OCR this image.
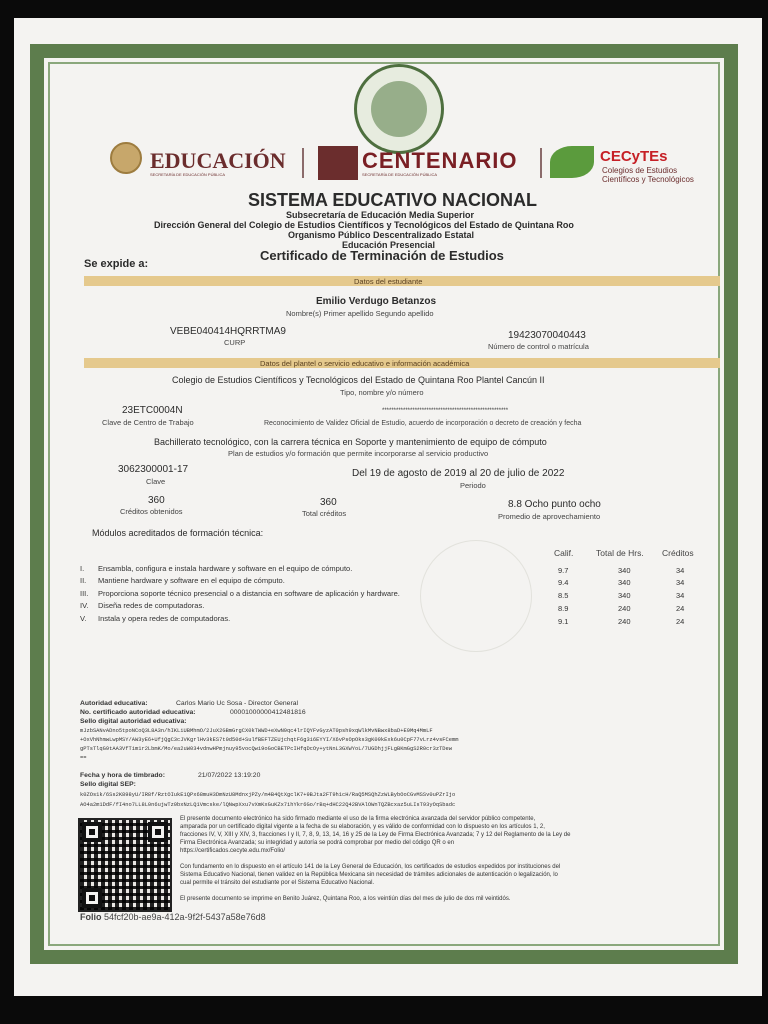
EDUCACIÓN
SECRETARÍA DE EDUCACIÓN PÚBLICA
CENTENARIO
SECRETARÍA DE EDUCACIÓN PÚBLICA
CECyTEs
Colegios de Estudios
Científicos y Tecnológicos
SISTEMA EDUCATIVO NACIONAL
Subsecretaría de Educación Media Superior
Dirección General del Colegio de Estudios Científicos y Tecnológicos del Estado de Quintana Roo
Organismo Público Descentralizado Estatal
Educación Presencial
Certificado de Terminación de Estudios
Se expide a:
Datos del estudiante
Emilio Verdugo Betanzos
Nombre(s) Primer apellido Segundo apellido
VEBE040414HQRRTMA9
CURP
19423070040443
Número de control o matrícula
Datos del plantel o servicio educativo e información académica
Colegio de Estudios Científicos y Tecnológicos del Estado de Quintana Roo Plantel Cancún II
Tipo, nombre y/o número
23ETC0004N
Clave de Centro de Trabajo
******************************************************
Reconocimiento de Validez Oficial de Estudio, acuerdo de incorporación o decreto de creación y fecha
Bachillerato tecnológico, con la carrera técnica en Soporte y mantenimiento de equipo de cómputo
Plan de estudios y/o formación que permite incorporarse al servicio productivo
3062300001-17
Clave
Del 19 de agosto de 2019 al 20 de julio de 2022
Periodo
360
Créditos obtenidos
360
Total créditos
8.8 Ocho punto ocho
Promedio de aprovechamiento
Módulos acreditados de formación técnica:
Calif.	Total de Hrs. Créditos
I. Ensambla, configura e instala hardware y software en el equipo de cómputo.	9.7	340	34
II. Mantiene hardware y software en el equipo de cómputo.	9.4	340	34
III. Proporciona soporte técnico presencial o a distancia en software de aplicación y hardware.	8.5	340	34
IV. Diseña redes de computadoras.	8.9	240	24
V. Instala y opera redes de computadoras.	9.1	240	24
Autoridad educativa:	Carlos Mario Uc Sosa - Director General
No. certificado autoridad educativa:	00001000000412481816
Sello digital autoridad educativa:
mJzbSANvADno5tpoNCoQ3L8A3n/hIKLiUBMhmO/2JuX2GBmGrgCX0kTWWD+eXwN9qc4lrIQYFvGyzAT0psh9xqWlkMvNBwx8baD+E9Mq4MmLF
+OxVhNhmwLwpMSY/AW3yE6+UfjQgC3cJVKgrlHv3kES7t0d50d+SulfBEFTZEUjchqtF6g3i6EYYI/X6vPsOpOks3gK09kExk6u0CpF77vLrz4vsFCemm
gPTsTlqG9tAA3VfTim1r2LbmK/Mo/ea2uW034vdnwHPmjnuy95vocQwi9oGoCBETPcIHfqDcOy+ytNnL3GXWYoL/7UGDhjjFLgBKmGgS2R0cr3zTDew
==
Fecha y hora de timbrado:	21/07/2022 13:19:20
Sello digital SEP:
k0ZOs1k/6Ss2K898yU/IR8f/RztOIukE1QPx68muH3DmNzU8MdnxjPZy/m4B4QtXgclK7+9BJta2FT9h1cH/RaQ5MSQhZzWLBybOoCGvMSSv0uPZrIjo
AO4a2m1DdF/fI4no7LL8L0n6ujwTz0bxNzLQ1Vmcske/lQNwpXxu7vXmKxGuKZx7ihYkr6Go/rBq+dHC22Q42BVAlOWnTQZBcxaz5uLIsT93yOqSbadc
El presente documento electrónico ha sido firmado mediante el uso de la firma electrónica avanzada del servidor público competente,
amparada por un certificado digital vigente a la fecha de su elaboración, y es válido de conformidad con lo dispuesto en los artículos 1, 2,
fracciones IV, V, XIII y XIV, 3, fracciones I y II, 7, 8, 9, 13, 14, 16 y 25 de la Ley de Firma Electrónica Avanzada; 7 y 12 del Reglamento de la Ley de
Firma Electrónica Avanzada; su integridad y autoría se podrá comprobar por medio del código QR o en
https://certificados.cecyte.edu.mx/Folio/
Con fundamento en lo dispuesto en el artículo 141 de la Ley General de Educación, los certificados de estudios expedidos por instituciones del
Sistema Educativo Nacional, tienen validez en la República Mexicana sin necesidad de trámites adicionales de autenticación o legalización, lo
cual permite el tránsito del estudiante por el Sistema Educativo Nacional.
El presente documento se imprime en Benito Juárez, Quintana Roo, a los veintiún días del mes de julio de dos mil veintidós.
Folio 54fcf20b-ae9a-412a-9f2f-5437a58e76d8
